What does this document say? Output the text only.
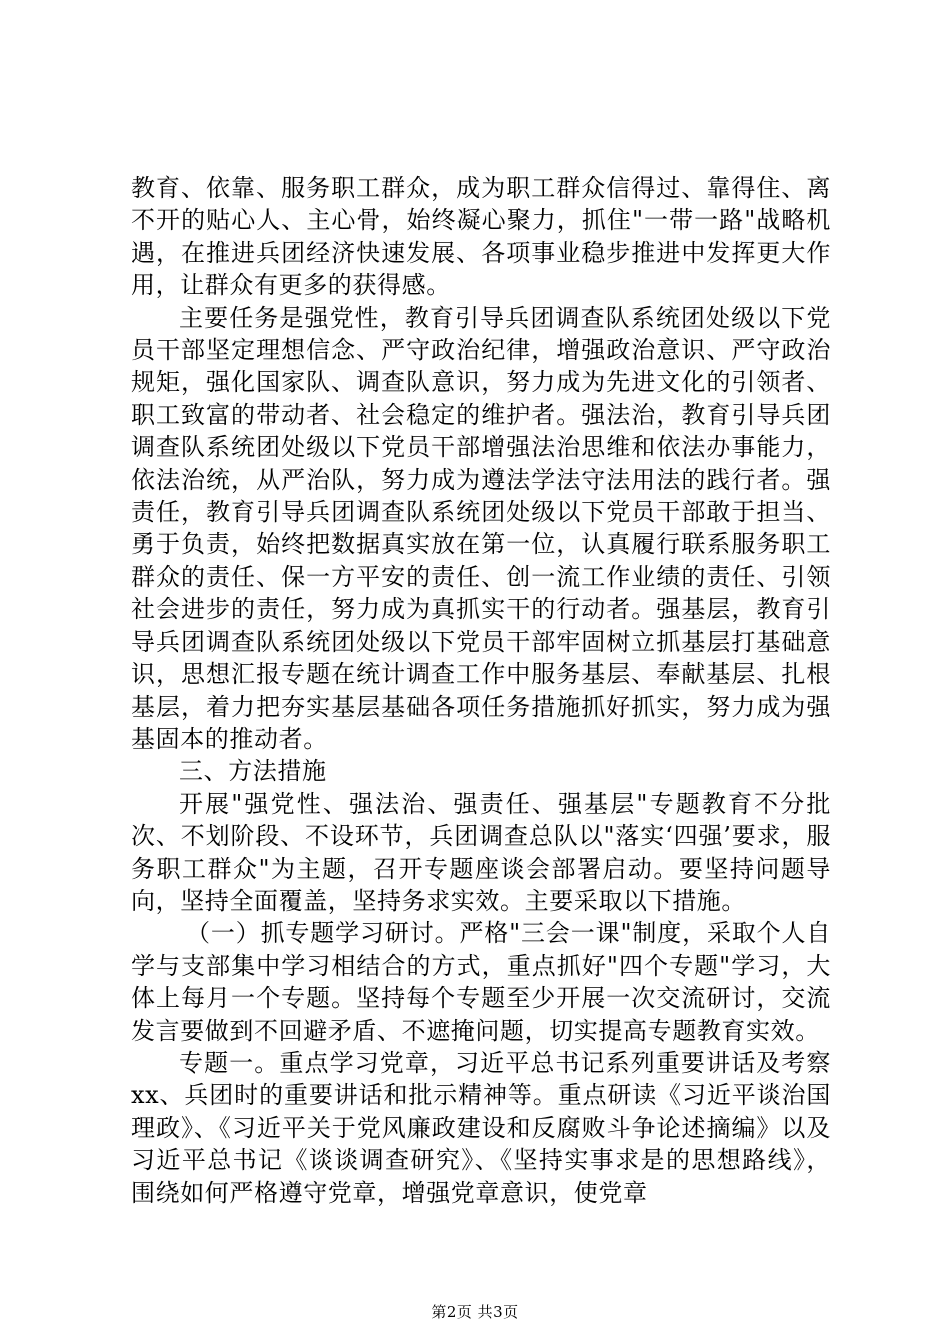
教育、依靠、服务职工群众，成为职工群众信得过、靠得住、离不开的贴心人、主心骨，始终凝心聚力，抓住"一带一路"战略机遇，在推进兵团经济快速发展、各项事业稳步推进中发挥更大作用，让群众有更多的获得感。

主要任务是强党性，教育引导兵团调查队系统团处级以下党员干部坚定理想信念、严守政治纪律，增强政治意识、严守政治规矩，强化国家队、调查队意识，努力成为先进文化的引领者、职工致富的带动者、社会稳定的维护者。强法治，教育引导兵团调查队系统团处级以下党员干部增强法治思维和依法办事能力，依法治统，从严治队，努力成为遵法学法守法用法的践行者。强责任，教育引导兵团调查队系统团处级以下党员干部敢于担当、勇于负责，始终把数据真实放在第一位，认真履行联系服务职工群众的责任、保一方平安的责任、创一流工作业绩的责任、引领社会进步的责任，努力成为真抓实干的行动者。强基层，教育引导兵团调查队系统团处级以下党员干部牢固树立抓基层打基础意识，思想汇报专题在统计调查工作中服务基层、奉献基层、扎根基层，着力把夯实基层基础各项任务措施抓好抓实，努力成为强基固本的推动者。

三、方法措施

开展"强党性、强法治、强责任、强基层"专题教育不分批次、不划阶段、不设环节，兵团调查总队以"落实‘四强’要求，服务职工群众"为主题，召开专题座谈会部署启动。要坚持问题导向，坚持全面覆盖，坚持务求实效。主要采取以下措施。

（一）抓专题学习研讨。严格"三会一课"制度，采取个人自学与支部集中学习相结合的方式，重点抓好"四个专题"学习，大体上每月一个专题。坚持每个专题至少开展一次交流研讨，交流发言要做到不回避矛盾、不遮掩问题，切实提高专题教育实效。

专题一。重点学习党章，习近平总书记系列重要讲话及考察xx、兵团时的重要讲话和批示精神等。重点研读《习近平谈治国理政》、《习近平关于党风廉政建设和反腐败斗争论述摘编》以及习近平总书记《谈谈调查研究》、《坚持实事求是的思想路线》，围绕如何严格遵守党章，增强党章意识，使党章

第2页 共3页
